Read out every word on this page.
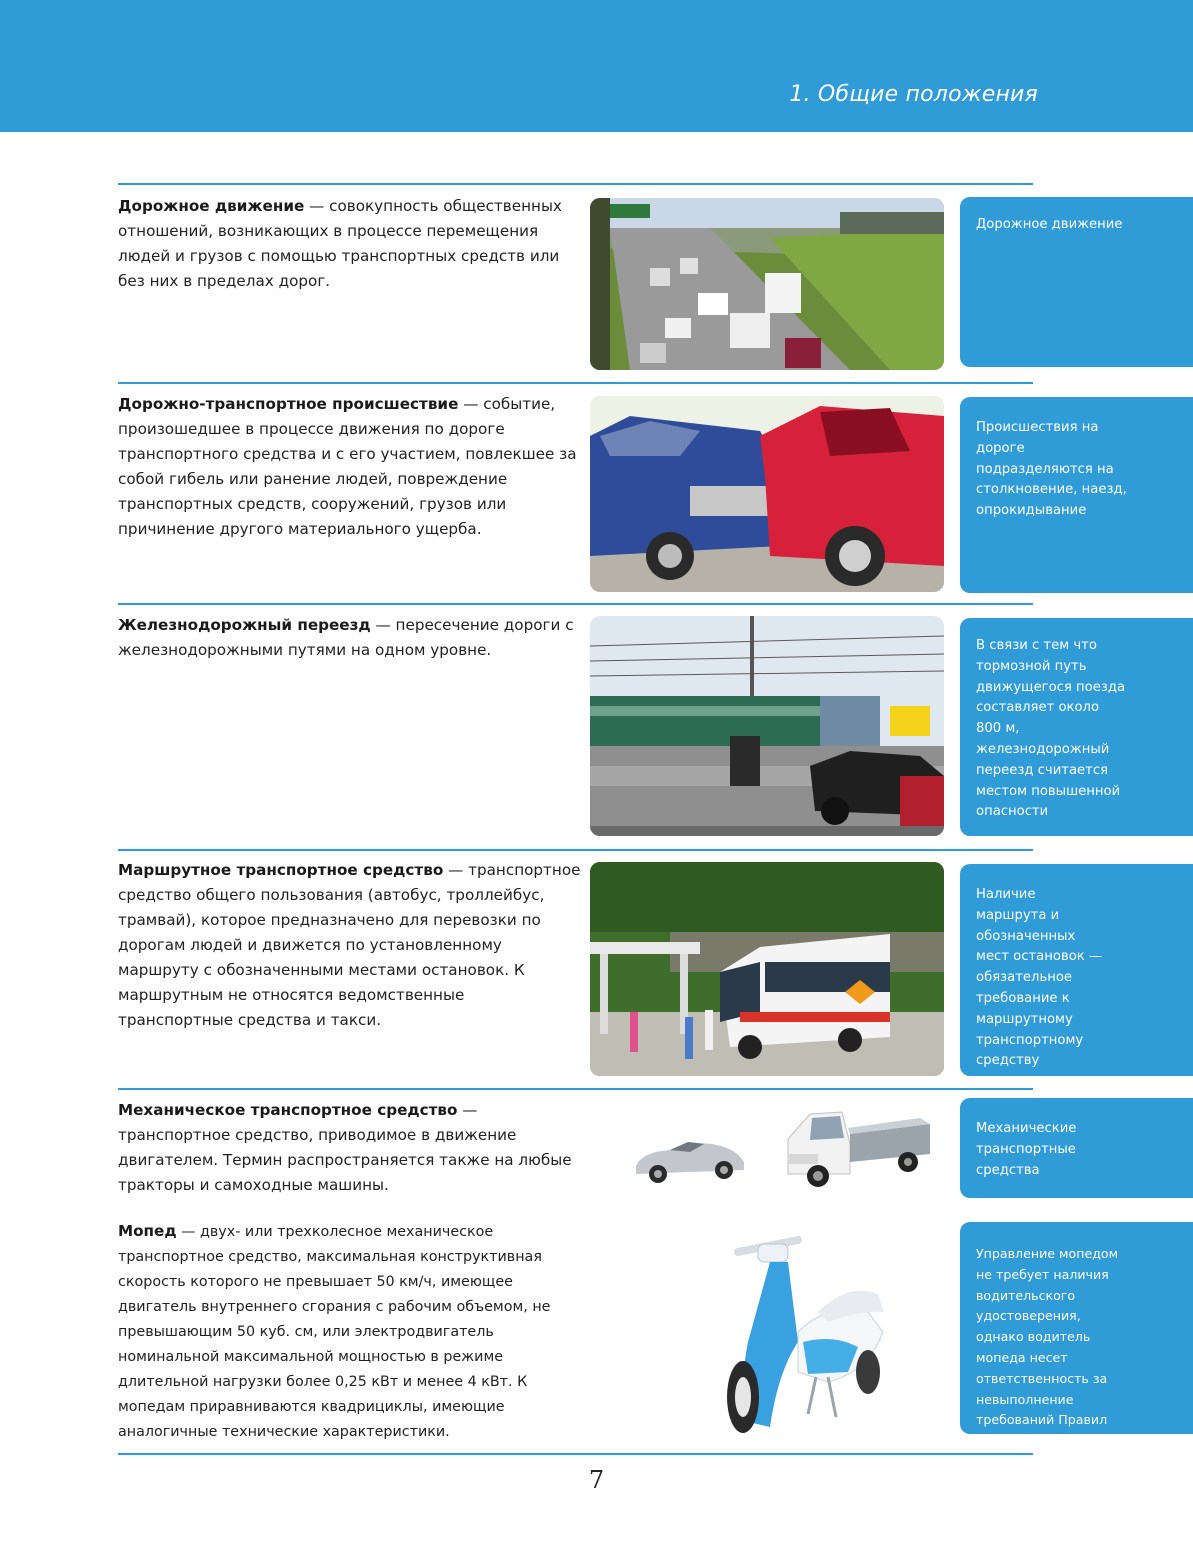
1. Общие положения
Дорожное движение — совокупность общественных отношений, возникающих в процессе перемещения людей и грузов с помощью транспортных средств или без них в пределах дорог.
Дорожное движение
Дорожно-транспортное происшествие — событие, произошедшее в процессе движения по дороге транспортного средства и с его участием, повлекшее за собой гибель или ранение людей, повреждение транспортных средств, сооружений, грузов или причинение другого материального ущерба.
Происшествия на дороге подразделяются на столкновение, наезд, опрокидывание
Железнодорожный переезд — пересечение дороги с железнодорожными путями на одном уровне.	В связи с тем что тормозной путь движущегося поезда составляет около 800 м, железнодорожный переезд считается местом повышенной опасности
Маршрутное транспортное средство — транспортное средство общего пользования (автобус, троллейбус, трамвай), которое предназначено для перевозки по дорогам людей и движется по установленному маршруту с обозначенными местами остановок. К маршрутным не относятся ведомственные транспортные средства и такси.
Наличие маршрута и обозначенных мест остановок — обязательное требование к маршрутному транспортному средству
Механическое транспортное средство — транспортное средство, приводимое в движение двигателем. Термин распространяется также на любые тракторы и самоходные машины.
Механические транспортные средства
Мопед — двух- или трехколесное механическое транспортное средство, максимальная конструктивная скорость которого не превышает 50 км/ч, имеющее двигатель внутреннего сгорания с рабочим объемом, не превышающим 50 куб. см, или электродвигатель номинальной максимальной мощностью в режиме длительной нагрузки более 0,25 кВт и менее 4 кВт. К мопедам приравниваются квадрициклы, имеющие аналогичные технические характеристики.
Управление мопедом не требует наличия водительского удостоверения, однако водитель мопеда несет ответственность за невыполнение требований Правил
7
